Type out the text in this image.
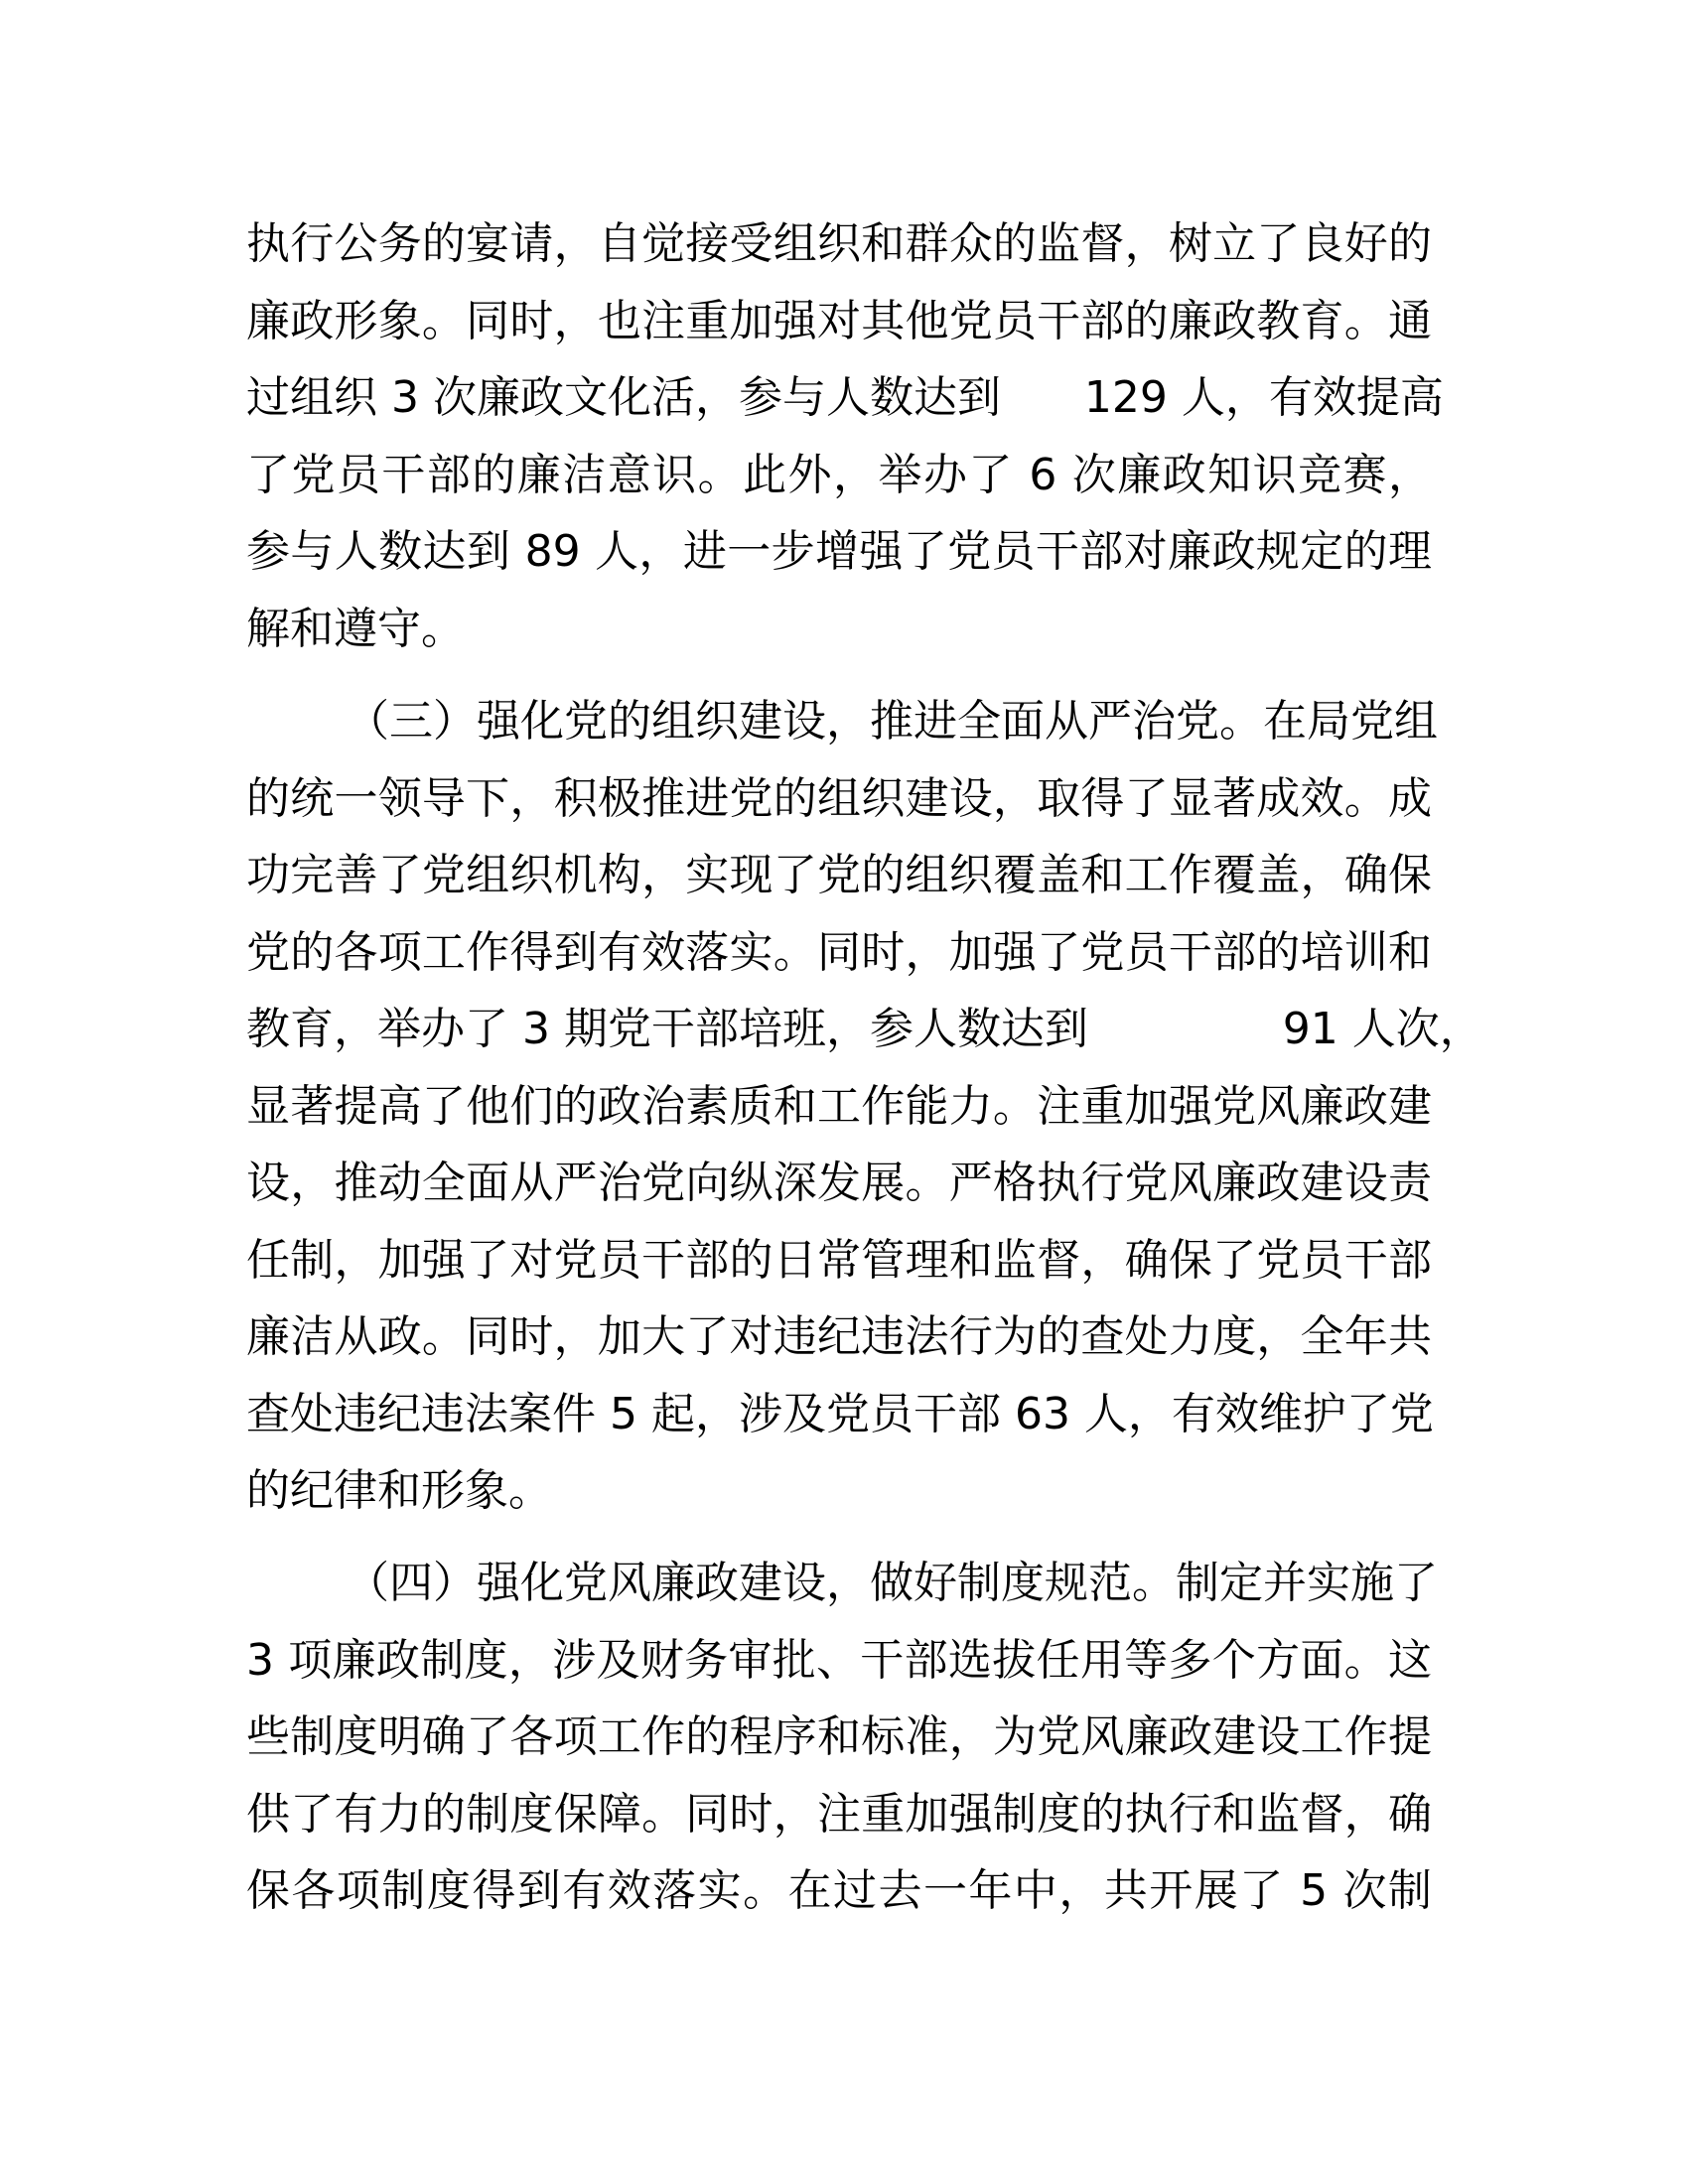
执行公务的宴请，自觉接受组织和群众的监督，树立了良好的
廉政形象。同时，也注重加强对其他党员干部的廉政教育。通
过组织 3 次廉政文化活，参与人数达到      129 人，有效提高
了党员干部的廉洁意识。此外，举办了 6 次廉政知识竞赛，
参与人数达到 89 人，进一步增强了党员干部对廉政规定的理
解和遵守。
（三）强化党的组织建设，推进全面从严治党。在局党组
的统一领导下，积极推进党的组织建设，取得了显著成效。成
功完善了党组织机构，实现了党的组织覆盖和工作覆盖，确保
党的各项工作得到有效落实。同时，加强了党员干部的培训和
教育，举办了 3 期党干部培班，参人数达到              91 人次，
显著提高了他们的政治素质和工作能力。注重加强党风廉政建
设，推动全面从严治党向纵深发展。严格执行党风廉政建设责
任制，加强了对党员干部的日常管理和监督，确保了党员干部
廉洁从政。同时，加大了对违纪违法行为的查处力度，全年共
查处违纪违法案件 5 起，涉及党员干部 63 人，有效维护了党
的纪律和形象。
（四）强化党风廉政建设，做好制度规范。制定并实施了
3 项廉政制度，涉及财务审批、干部选拔任用等多个方面。这
些制度明确了各项工作的程序和标准，为党风廉政建设工作提
供了有力的制度保障。同时，注重加强制度的执行和监督，确
保各项制度得到有效落实。在过去一年中，共开展了 5 次制
